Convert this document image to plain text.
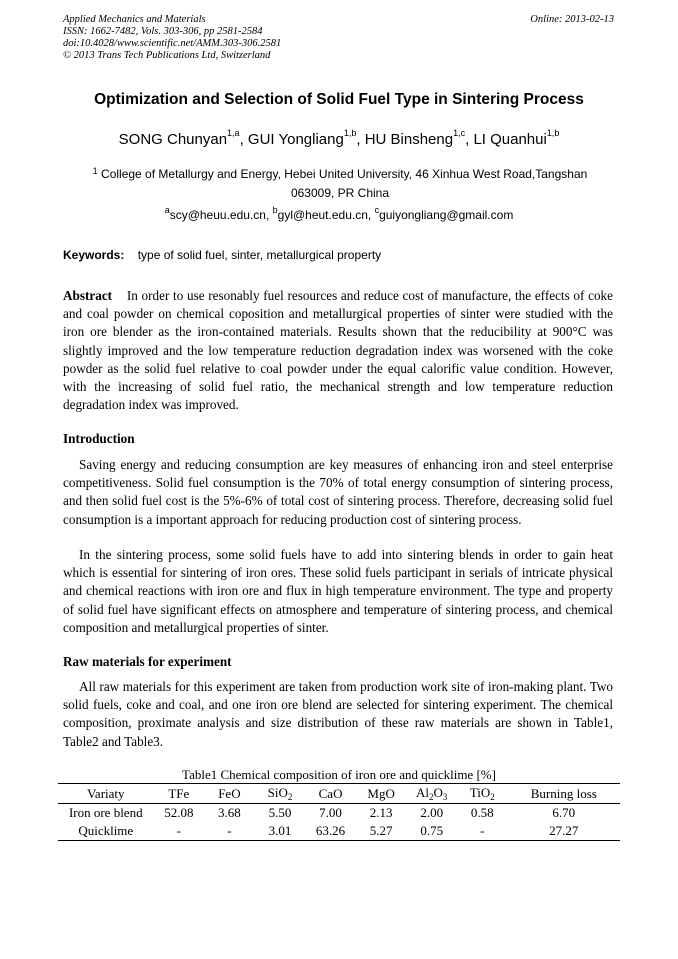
Applied Mechanics and Materials
ISSN: 1662-7482, Vols. 303-306, pp 2581-2584
doi:10.4028/www.scientific.net/AMM.303-306.2581
© 2013 Trans Tech Publications Ltd, Switzerland
Online: 2013-02-13
Optimization and Selection of Solid Fuel Type in Sintering Process
SONG Chunyan$^{1,a}$, GUI Yongliang$^{1,b}$, HU Binsheng$^{1,c}$, LI Quanhui$^{1,b}$
$^1$ College of Metallurgy and Energy, Hebei United University, 46 Xinhua West Road,Tangshan 063009, PR China
$^a$scy@heuu.edu.cn, $^b$gyl@heut.edu.cn, $^c$guiyongliang@gmail.com
Keywords: type of solid fuel, sinter, metallurgical property

Abstract In order to use resonably fuel resources and reduce cost of manufacture, the effects of coke and coal powder on chemical coposition and metallurgical properties of sinter were studied with the iron ore blender as the iron-contained materials. Results shown that the reducibility at 900°C was slightly improved and the low temperature reduction degradation index was worsened with the coke powder as the solid fuel relative to coal powder under the equal calorific value condition. However, with the increasing of solid fuel ratio, the mechanical strength and low temperature reduction degradation index was improved.

Introduction

Saving energy and reducing consumption are key measures of enhancing iron and steel enterprise competitiveness. Solid fuel consumption is the 70% of total energy consumption of sintering process, and then solid fuel cost is the 5%-6% of total cost of sintering process. Therefore, decreasing solid fuel consumption is a important approach for reducing production cost of sintering process.

In the sintering process, some solid fuels have to add into sintering blends in order to gain heat which is essential for sintering of iron ores. These solid fuels participant in serials of intricate physical and chemical reactions with iron ore and flux in high temperature environment. The type and property of solid fuel have significant effects on atmosphere and temperature of sintering process, and chemical composition and metallurgical properties of sinter.

Raw materials for experiment

All raw materials for this experiment are taken from production work site of iron-making plant. Two solid fuels, coke and coal, and one iron ore blend are selected for sintering experiment. The chemical composition, proximate analysis and size distribution of these raw materials are shown in Table1, Table2 and Table3.

Table1 Chemical composition of iron ore and quicklime [%]
Variaty	TFe	FeO	SiO$_2$	CaO	MgO	$Al_2O_3$	TiO$_2$	Burning loss
Iron ore blend	52.08	3.68	5.50	7.00	2.13	2.00	0.58	6.70
Quicklime	-	-	3.01	63.26	5.27	0.75	-	27.27
